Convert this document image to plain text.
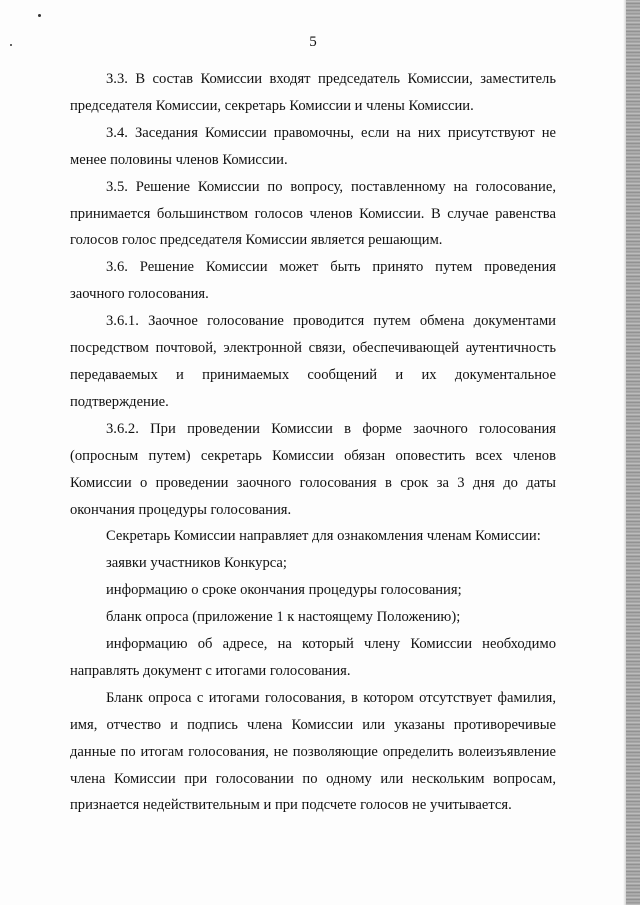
5

3.3. В состав Комиссии входят председатель Комиссии, заместитель председателя Комиссии, секретарь Комиссии и члены Комиссии.

3.4. Заседания Комиссии правомочны, если на них присутствуют не менее половины членов Комиссии.

3.5. Решение Комиссии по вопросу, поставленному на голосование, принимается большинством голосов членов Комиссии. В случае равенства голосов голос председателя Комиссии является решающим.

3.6. Решение Комиссии может быть принято путем проведения заочного голосования.

3.6.1. Заочное голосование проводится путем обмена документами посредством почтовой, электронной связи, обеспечивающей аутентичность передаваемых и принимаемых сообщений и их документальное подтверждение.

3.6.2. При проведении Комиссии в форме заочного голосования (опросным путем) секретарь Комиссии обязан оповестить всех членов Комиссии о проведении заочного голосования в срок за 3 дня до даты окончания процедуры голосования.

Секретарь Комиссии направляет для ознакомления членам Комиссии:

заявки участников Конкурса;

информацию о сроке окончания процедуры голосования;

бланк опроса (приложение 1 к настоящему Положению);

информацию об адресе, на который члену Комиссии необходимо направлять документ с итогами голосования.

Бланк опроса с итогами голосования, в котором отсутствует фамилия, имя, отчество и подпись члена Комиссии или указаны противоречивые данные по итогам голосования, не позволяющие определить волеизъявление члена Комиссии при голосовании по одному или нескольким вопросам, признается недействительным и при подсчете голосов не учитывается.
